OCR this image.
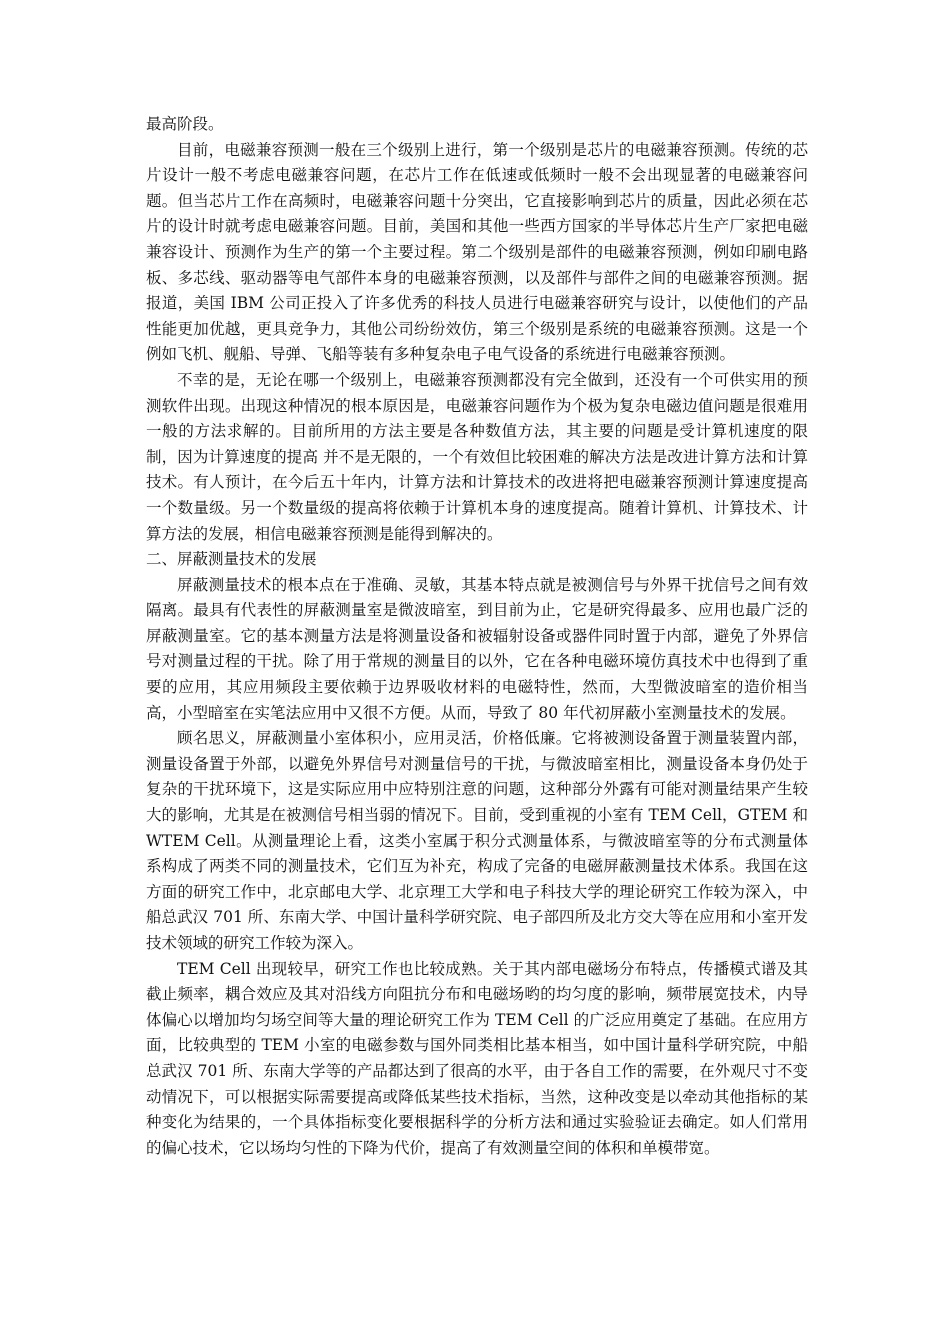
最高阶段。

目前，电磁兼容预测一般在三个级别上进行，第一个级别是芯片的电磁兼容预测。传统的芯片设计一般不考虑电磁兼容问题，在芯片工作在低速或低频时一般不会出现显著的电磁兼容问题。但当芯片工作在高频时，电磁兼容问题十分突出，它直接影响到芯片的质量，因此必须在芯片的设计时就考虑电磁兼容问题。目前，美国和其他一些西方国家的半导体芯片生产厂家把电磁兼容设计、预测作为生产的第一个主要过程。第二个级别是部件的电磁兼容预测，例如印刷电路板、多芯线、驱动器等电气部件本身的电磁兼容预测，以及部件与部件之间的电磁兼容预测。据报道，美国 IBM 公司正投入了许多优秀的科技人员进行电磁兼容研究与设计，以使他们的产品性能更加优越，更具竞争力，其他公司纷纷效仿，第三个级别是系统的电磁兼容预测。这是一个例如飞机、舰船、导弹、飞船等装有多种复杂电子电气设备的系统进行电磁兼容预测。

不幸的是，无论在哪一个级别上，电磁兼容预测都没有完全做到，还没有一个可供实用的预测软件出现。出现这种情况的根本原因是，电磁兼容问题作为个极为复杂电磁边值问题是很难用一般的方法求解的。目前所用的方法主要是各种数值方法，其主要的问题是受计算机速度的限制，因为计算速度的提高 并不是无限的，一个有效但比较困难的解决方法是改进计算方法和计算技术。有人预计，在今后五十年内，计算方法和计算技术的改进将把电磁兼容预测计算速度提高一个数量级。另一个数量级的提高将依赖于计算机本身的速度提高。随着计算机、计算技术、计算方法的发展，相信电磁兼容预测是能得到解决的。

二、屏蔽测量技术的发展

屏蔽测量技术的根本点在于准确、灵敏，其基本特点就是被测信号与外界干扰信号之间有效隔离。最具有代表性的屏蔽测量室是微波暗室，到目前为止，它是研究得最多、应用也最广泛的屏蔽测量室。它的基本测量方法是将测量设备和被辐射设备或器件同时置于内部，避免了外界信号对测量过程的干扰。除了用于常规的测量目的以外，它在各种电磁环境仿真技术中也得到了重要的应用，其应用频段主要依赖于边界吸收材料的电磁特性，然而，大型微波暗室的造价相当高，小型暗室在实笔法应用中又很不方便。从而，导致了 80 年代初屏蔽小室测量技术的发展。

顾名思义，屏蔽测量小室体积小，应用灵活，价格低廉。它将被测设备置于测量装置内部，测量设备置于外部，以避免外界信号对测量信号的干扰，与微波暗室相比，测量设备本身仍处于复杂的干扰环境下，这是实际应用中应特别注意的问题，这种部分外露有可能对测量结果产生较大的影响，尤其是在被测信号相当弱的情况下。目前，受到重视的小室有 TEM Cell，GTEM 和 WTEM Cell。从测量理论上看，这类小室属于积分式测量体系，与微波暗室等的分布式测量体系构成了两类不同的测量技术，它们互为补充，构成了完备的电磁屏蔽测量技术体系。我国在这方面的研究工作中，北京邮电大学、北京理工大学和电子科技大学的理论研究工作较为深入，中船总武汉 701 所、东南大学、中国计量科学研究院、电子部四所及北方交大等在应用和小室开发技术领域的研究工作较为深入。

TEM Cell 出现较早，研究工作也比较成熟。关于其内部电磁场分布特点，传播模式谱及其截止频率，耦合效应及其对沿线方向阻抗分布和电磁场哟的均匀度的影响，频带展宽技术，内导体偏心以增加均匀场空间等大量的理论研究工作为 TEM Cell 的广泛应用奠定了基础。在应用方面，比较典型的 TEM 小室的电磁参数与国外同类相比基本相当，如中国计量科学研究院，中船总武汉 701 所、东南大学等的产品都达到了很高的水平，由于各自工作的需要，在外观尺寸不变动情况下，可以根据实际需要提高或降低某些技术指标，当然，这种改变是以牵动其他指标的某种变化为结果的，一个具体指标变化要根据科学的分析方法和通过实验验证去确定。如人们常用的偏心技术，它以场均匀性的下降为代价，提高了有效测量空间的体积和单模带宽。
